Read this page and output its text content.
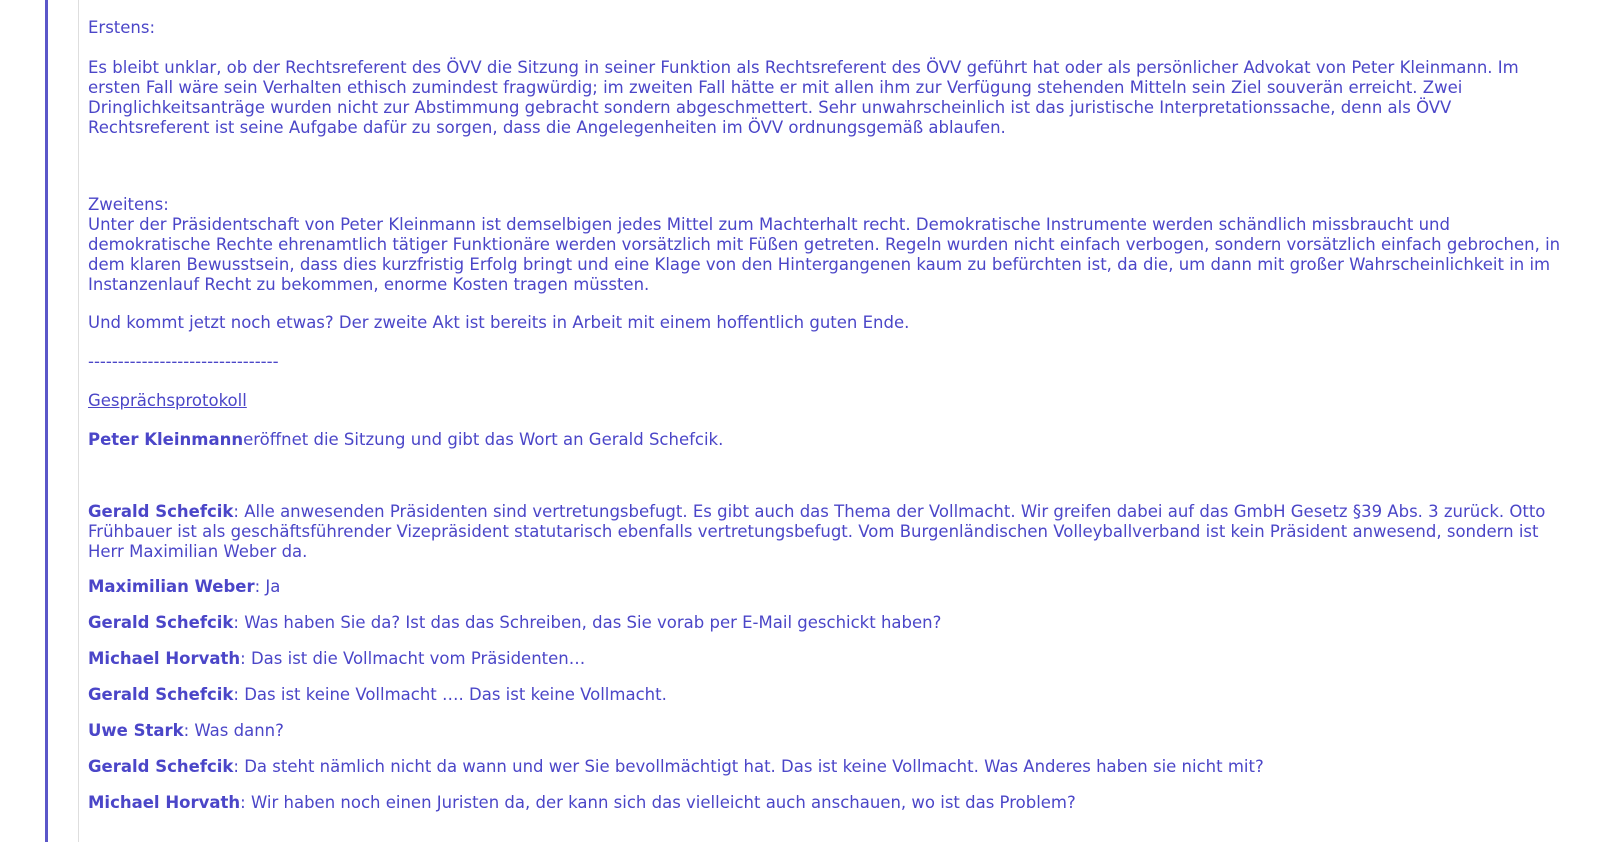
Erstens:
Es bleibt unklar, ob der Rechtsreferent des ÖVV die Sitzung in seiner Funktion als Rechtsreferent des ÖVV geführt hat oder als persönlicher Advokat von Peter Kleinmann. Im ersten Fall wäre sein Verhalten ethisch zumindest fragwürdig; im zweiten Fall hätte er mit allen ihm zur Verfügung stehenden Mitteln sein Ziel souverän erreicht. Zwei Dringlichkeitsanträge wurden nicht zur Abstimmung gebracht sondern abgeschmettert. Sehr unwahrscheinlich ist das juristische Interpretationssache, denn als ÖVV Rechtsreferent ist seine Aufgabe dafür zu sorgen, dass die Angelegenheiten im ÖVV ordnungsgemäß ablaufen.
Zweitens:
Unter der Präsidentschaft von Peter Kleinmann ist demselbigen jedes Mittel zum Machterhalt recht. Demokratische Instrumente werden schändlich missbraucht und demokratische Rechte ehrenamtlich tätiger Funktionäre werden vorsätzlich mit Füßen getreten. Regeln wurden nicht einfach verbogen, sondern vorsätzlich einfach gebrochen, in dem klaren Bewusstsein, dass dies kurzfristig Erfolg bringt und eine Klage von den Hintergangenen kaum zu befürchten ist, da die, um dann mit großer Wahrscheinlichkeit in im Instanzenlauf Recht zu bekommen, enorme Kosten tragen müssten.
Und kommt jetzt noch etwas? Der zweite Akt ist bereits in Arbeit mit einem hoffentlich guten Ende.
--------------------------------
Gesprächsprotokoll
Peter Kleinmanneröffnet die Sitzung und gibt das Wort an Gerald Schefcik.
Gerald Schefcik: Alle anwesenden Präsidenten sind vertretungsbefugt. Es gibt auch das Thema der Vollmacht. Wir greifen dabei auf das GmbH Gesetz §39 Abs. 3 zurück. Otto Frühbauer ist als geschäftsführender Vizepräsident statutarisch ebenfalls vertretungsbefugt. Vom Burgenländischen Volleyballverband ist kein Präsident anwesend, sondern ist Herr Maximilian Weber da.
Maximilian Weber: Ja
Gerald Schefcik: Was haben Sie da? Ist das das Schreiben, das Sie vorab per E-Mail geschickt haben?
Michael Horvath: Das ist die Vollmacht vom Präsidenten…
Gerald Schefcik: Das ist keine Vollmacht …. Das ist keine Vollmacht.
Uwe Stark: Was dann?
Gerald Schefcik: Da steht nämlich nicht da wann und wer Sie bevollmächtigt hat. Das ist keine Vollmacht. Was Anderes haben sie nicht mit?
Michael Horvath: Wir haben noch einen Juristen da, der kann sich das vielleicht auch anschauen, wo ist das Problem?
